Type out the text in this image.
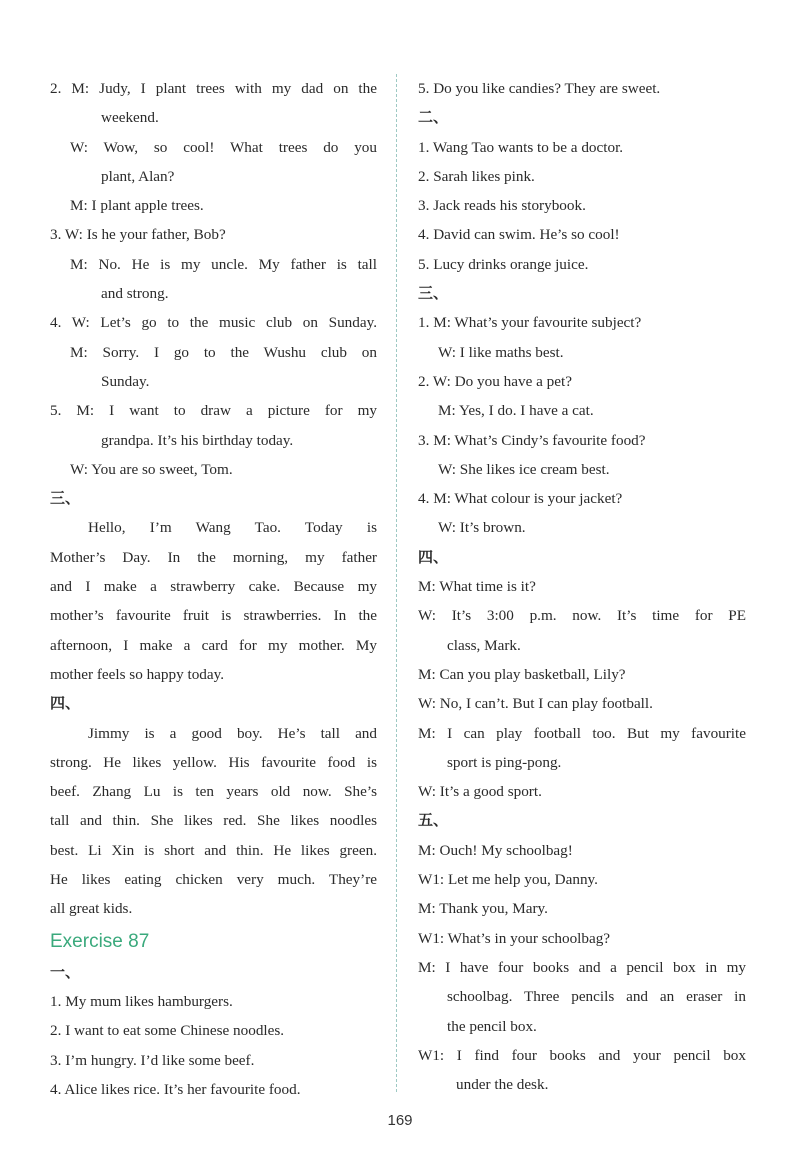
2. M: Judy, I plant trees with my dad on the
weekend.
W: Wow, so cool! What trees do you
plant, Alan?
M: I plant apple trees.
3. W: Is he your father, Bob?
M: No. He is my uncle. My father is tall
and strong.
4. W: Let’s go to the music club on Sunday.
M: Sorry. I go to the Wushu club on
Sunday.
5. M: I want to draw a picture for my
grandpa. It’s his birthday today.
W: You are so sweet, Tom.
三、
Hello, I’m Wang Tao. Today is
Mother’s Day. In the morning, my father
and I make a strawberry cake. Because my
mother’s favourite fruit is strawberries. In the
afternoon, I make a card for my mother. My
mother feels so happy today.
四、
Jimmy is a good boy. He’s tall and
strong. He likes yellow. His favourite food is
beef. Zhang Lu is ten years old now. She’s
tall and thin. She likes red. She likes noodles
best. Li Xin is short and thin. He likes green.
He likes eating chicken very much. They’re
all great kids.
Exercise 87
一、
1. My mum likes hamburgers.
2. I want to eat some Chinese noodles.
3. I’m hungry. I’d like some beef.
4. Alice likes rice. It’s her favourite food.
5. Do you like candies? They are sweet.
二、
1. Wang Tao wants to be a doctor.
2. Sarah likes pink.
3. Jack reads his storybook.
4. David can swim. He’s so cool!
5. Lucy drinks orange juice.
三、
1. M: What’s your favourite subject?
W: I like maths best.
2. W: Do you have a pet?
M: Yes, I do. I have a cat.
3. M: What’s Cindy’s favourite food?
W: She likes ice cream best.
4. M: What colour is your jacket?
W: It’s brown.
四、
M: What time is it?
W: It’s 3:00 p.m. now. It’s time for PE
class, Mark.
M: Can you play basketball, Lily?
W: No, I can’t. But I can play football.
M: I can play football too. But my favourite
sport is ping-pong.
W: It’s a good sport.
五、
M: Ouch! My schoolbag!
W1: Let me help you, Danny.
M: Thank you, Mary.
W1: What’s in your schoolbag?
M: I have four books and a pencil box in my
schoolbag. Three pencils and an eraser in
the pencil box.
W1: I find four books and your pencil box
under the desk.
169
